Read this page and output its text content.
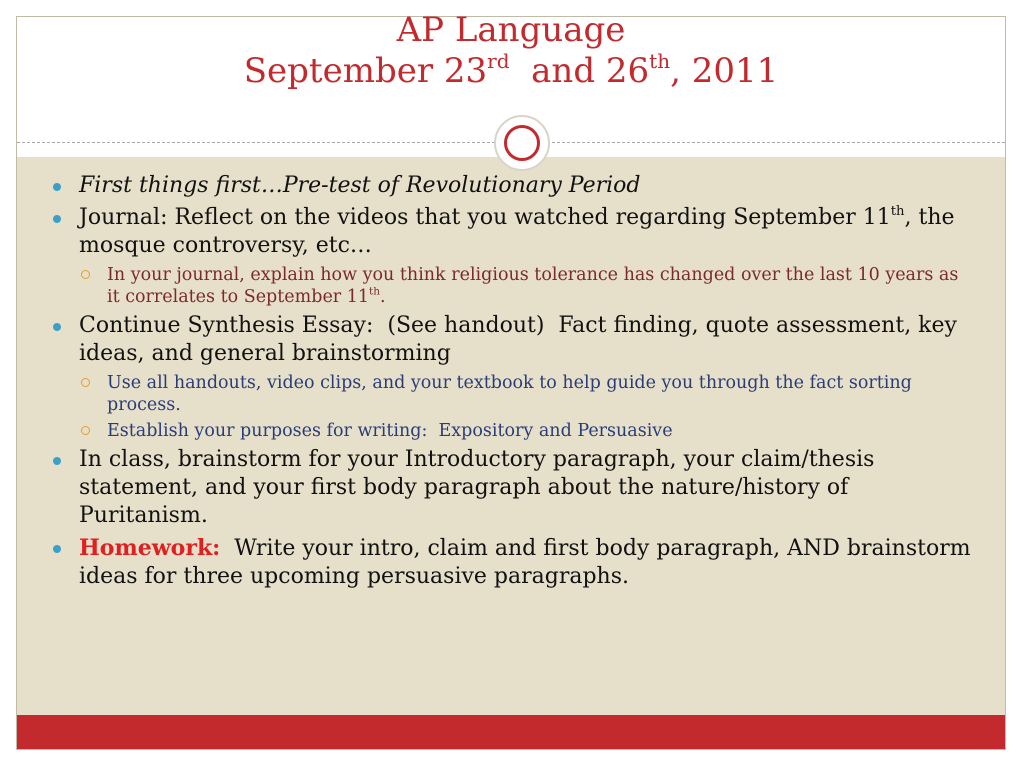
AP Language
September 23rd  and 26th, 2011
First things first…Pre-test of Revolutionary Period
Journal: Reflect on the videos that you watched regarding September 11th, the mosque controversy, etc…
In your journal, explain how you think religious tolerance has changed over the last 10 years as it correlates to September 11th.
Continue Synthesis Essay:  (See handout)  Fact finding, quote assessment, key ideas, and general brainstorming
Use all handouts, video clips, and your textbook to help guide you through the fact sorting process.
Establish your purposes for writing:  Expository and Persuasive
In class, brainstorm for your Introductory paragraph, your claim/thesis statement, and your first body paragraph about the nature/history of Puritanism.
Homework:  Write your intro, claim and first body paragraph, AND brainstorm ideas for three upcoming persuasive paragraphs.
